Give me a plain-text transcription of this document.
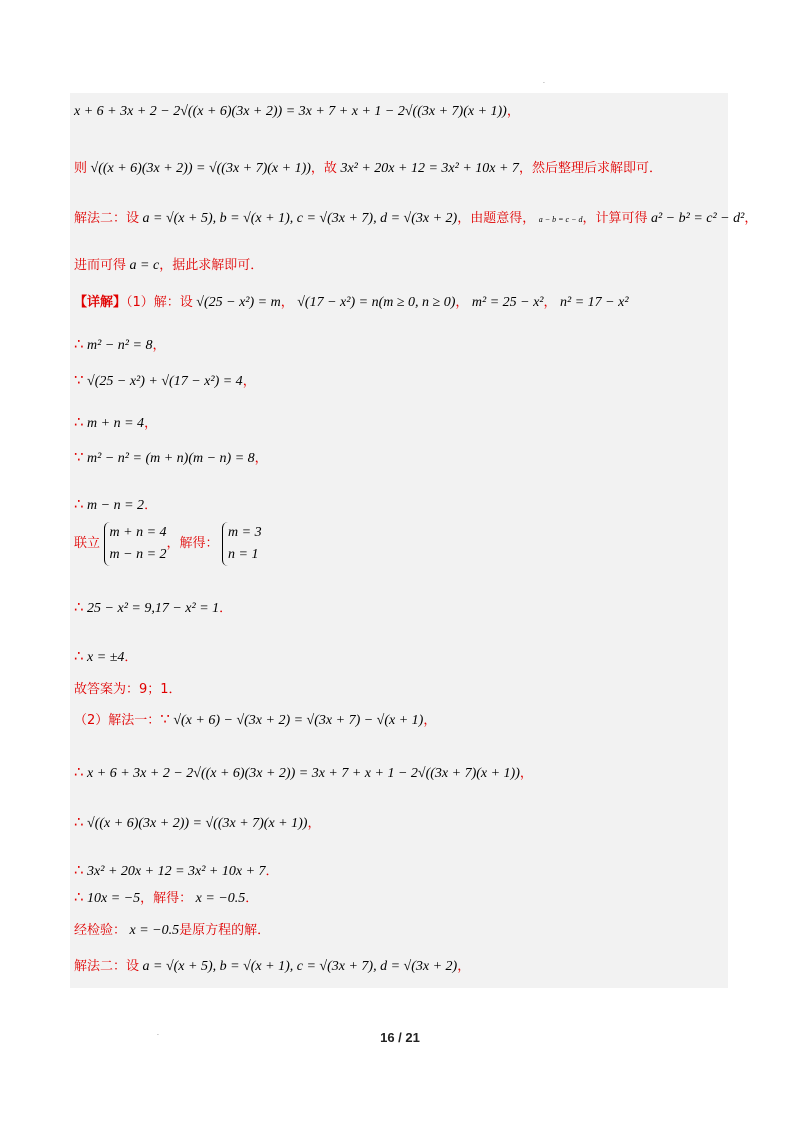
.
.
x + 6 + 3x + 2 − 2√((x + 6)(3x + 2)) = 3x + 7 + x + 1 − 2√((3x + 7)(x + 1))，
则 √((x + 6)(3x + 2)) = √((3x + 7)(x + 1))，故 3x² + 20x + 12 = 3x² + 10x + 7，然后整理后求解即可．
解法二：设 a = √(x + 5), b = √(x + 1), c = √(3x + 7), d = √(3x + 2)，由题意得， a − b = c − d，计算可得 a² − b² = c² − d²，
进而可得 a = c，据此求解即可．
【详解】（1）解：设 √(25 − x²) = m， √(17 − x²) = n(m ≥ 0, n ≥ 0)， m² = 25 − x²， n² = 17 − x²
∴ m² − n² = 8，
∵ √(25 − x²) + √(17 − x²) = 4，
∴ m + n = 4，
∵ m² − n² = (m + n)(m − n) = 8，
∴ m − n = 2．
联立 m + n = 4
m − n = 2，解得： m = 3
n = 1
∴ 25 − x² = 9,17 − x² = 1．
∴ x = ±4．
故答案为：9；1．
（2）解法一：∵ √(x + 6) − √(3x + 2) = √(3x + 7) − √(x + 1)，
∴ x + 6 + 3x + 2 − 2√((x + 6)(3x + 2)) = 3x + 7 + x + 1 − 2√((3x + 7)(x + 1))，
∴ √((x + 6)(3x + 2)) = √((3x + 7)(x + 1))，
∴ 3x² + 20x + 12 = 3x² + 10x + 7．
∴ 10x = −5，解得： x = −0.5．
经检验： x = −0.5是原方程的解．
解法二：设 a = √(x + 5), b = √(x + 1), c = √(3x + 7), d = √(3x + 2)，
16 / 21
